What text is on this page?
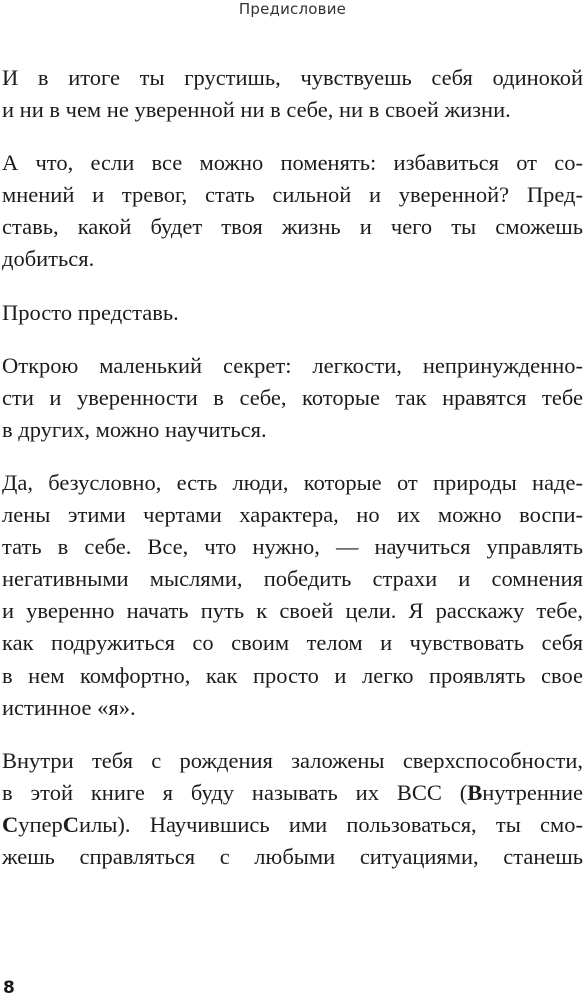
Предисловие

И в итоге ты грустишь, чувствуешь себя одинокой
и ни в чем не уверенной ни в себе, ни в своей жизни.

А что, если все можно поменять: избавиться от со-
мнений и тревог, стать сильной и уверенной? Пред-
ставь, какой будет твоя жизнь и чего ты сможешь
добиться.

Просто представь.

Открою маленький секрет: легкости, непринужденно-
сти и уверенности в себе, которые так нравятся тебе
в других, можно научиться.

Да, безусловно, есть люди, которые от природы наде-
лены этими чертами характера, но их можно воспи-
тать в себе. Все, что нужно, — научиться управлять
негативными мыслями, победить страхи и сомнения
и уверенно начать путь к своей цели. Я расскажу тебе,
как подружиться со своим телом и чувствовать себя
в нем комфортно, как просто и легко проявлять свое
истинное «я».

Внутри тебя с рождения заложены сверхспособности,
в этой книге я буду называть их ВСС (Внутренние
СуперСилы). Научившись ими пользоваться, ты смо-
жешь справляться с любыми ситуациями, станешь

8
